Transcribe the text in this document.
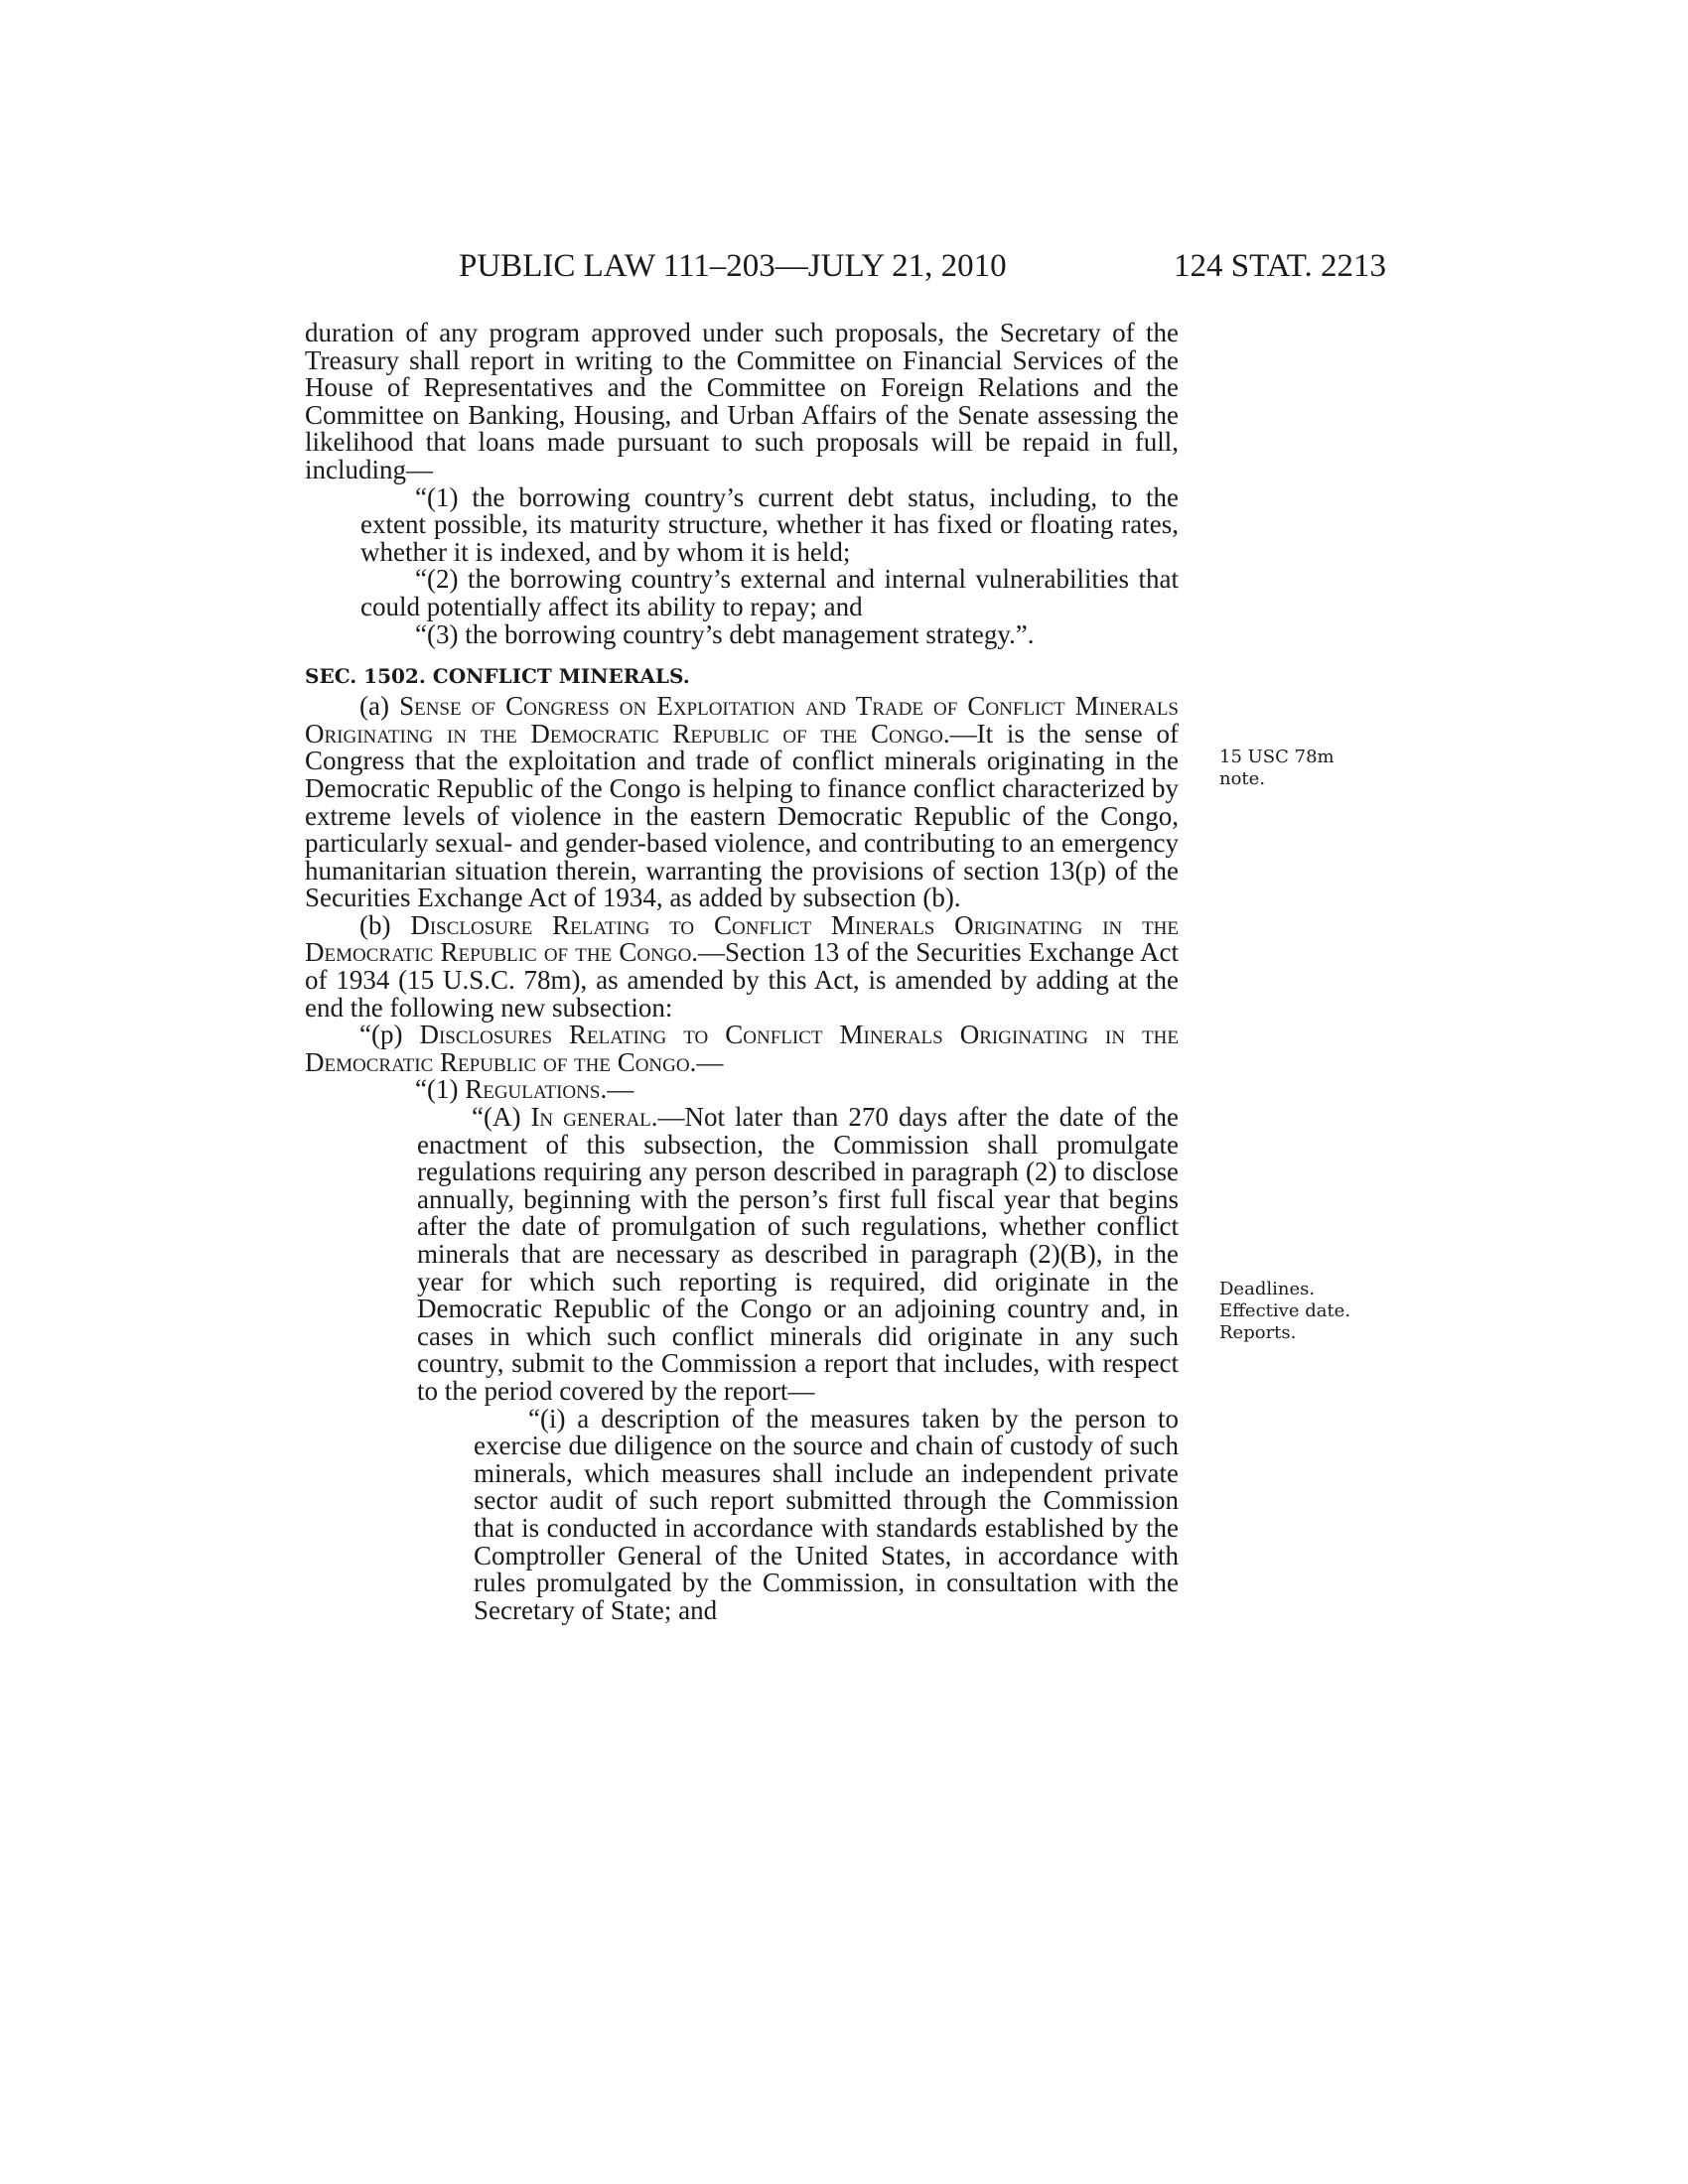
PUBLIC LAW 111–203—JULY 21, 2010	124 STAT. 2213

duration of any program approved under such proposals, the Secretary of the Treasury shall report in writing to the Committee on Financial Services of the House of Representatives and the Committee on Foreign Relations and the Committee on Banking, Housing, and Urban Affairs of the Senate assessing the likelihood that loans made pursuant to such proposals will be repaid in full, including—

“(1) the borrowing country’s current debt status, including, to the extent possible, its maturity structure, whether it has fixed or floating rates, whether it is indexed, and by whom it is held;

“(2) the borrowing country’s external and internal vulnerabilities that could potentially affect its ability to repay; and

“(3) the borrowing country’s debt management strategy.”.

SEC. 1502. CONFLICT MINERALS.

(a) Sense of Congress on Exploitation and Trade of Conflict Minerals Originating in the Democratic Republic of the Congo.—It is the sense of Congress that the exploitation and trade of conflict minerals originating in the Democratic Republic of the Congo is helping to finance conflict characterized by extreme levels of violence in the eastern Democratic Republic of the Congo, particularly sexual- and gender-based violence, and contributing to an emergency humanitarian situation therein, warranting the provisions of section 13(p) of the Securities Exchange Act of 1934, as added by subsection (b).

(b) Disclosure Relating to Conflict Minerals Originating in the Democratic Republic of the Congo.—Section 13 of the Securities Exchange Act of 1934 (15 U.S.C. 78m), as amended by this Act, is amended by adding at the end the following new subsection:

“(p) Disclosures Relating to Conflict Minerals Originating in the Democratic Republic of the Congo.—

“(1) Regulations.—

“(A) In general.—Not later than 270 days after the date of the enactment of this subsection, the Commission shall promulgate regulations requiring any person described in paragraph (2) to disclose annually, beginning with the person’s first full fiscal year that begins after the date of promulgation of such regulations, whether conflict minerals that are necessary as described in paragraph (2)(B), in the year for which such reporting is required, did originate in the Democratic Republic of the Congo or an adjoining country and, in cases in which such conflict minerals did originate in any such country, submit to the Commission a report that includes, with respect to the period covered by the report—

“(i) a description of the measures taken by the person to exercise due diligence on the source and chain of custody of such minerals, which measures shall include an independent private sector audit of such report submitted through the Commission that is conducted in accordance with standards established by the Comptroller General of the United States, in accordance with rules promulgated by the Commission, in consultation with the Secretary of State; and

15 USC 78m
note.
Deadlines.
Effective date.
Reports.
